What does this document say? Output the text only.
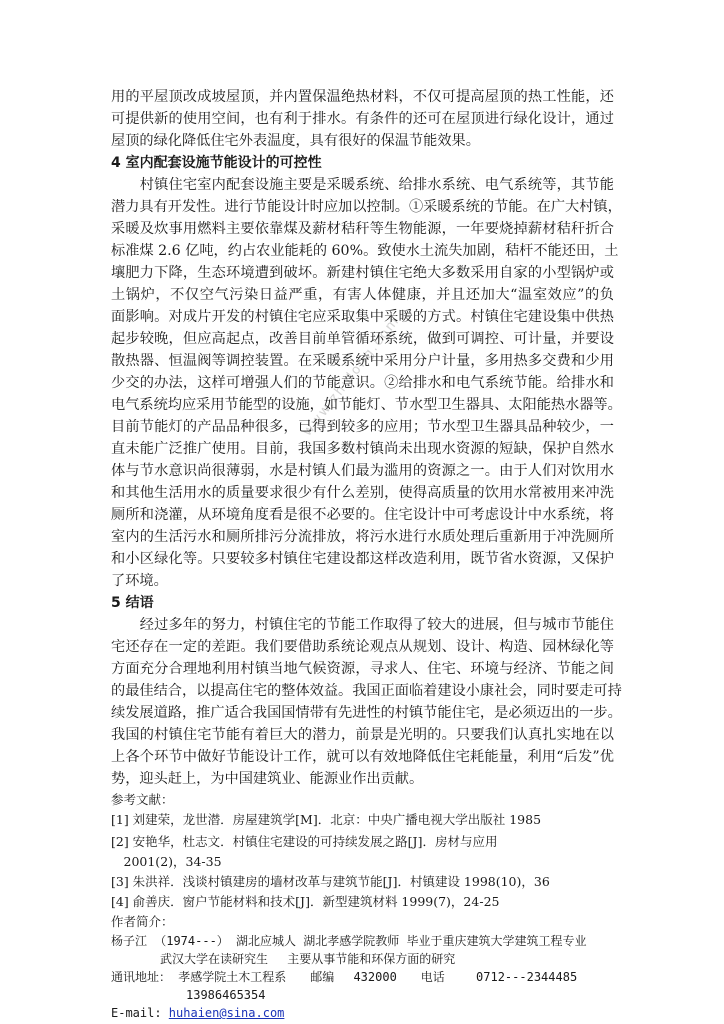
www.zhulong.com
用的平屋顶改成坡屋顶，并内置保温绝热材料，不仅可提高屋顶的热工性能，还
可提供新的使用空间，也有利于排水。有条件的还可在屋顶进行绿化设计，通过
屋顶的绿化降低住宅外表温度，具有很好的保温节能效果。
4 室内配套设施节能设计的可控性
　　村镇住宅室内配套设施主要是采暖系统、给排水系统、电气系统等，其节能
潜力具有开发性。进行节能设计时应加以控制。①采暖系统的节能。在广大村镇，
采暖及炊事用燃料主要依靠煤及薪材秸秆等生物能源，一年要烧掉薪材秸秆折合
标准煤 2.6 亿吨，约占农业能耗的 60%。致使水土流失加剧，秸杆不能还田，土
壤肥力下降，生态环境遭到破坏。新建村镇住宅绝大多数采用自家的小型锅炉或
土锅炉，不仅空气污染日益严重，有害人体健康，并且还加大“温室效应”的负
面影响。对成片开发的村镇住宅应采取集中采暖的方式。村镇住宅建设集中供热
起步较晚，但应高起点，改善目前单管循环系统，做到可调控、可计量，并要设
散热器、恒温阀等调控装置。在采暖系统中采用分户计量，多用热多交费和少用
少交的办法，这样可增强人们的节能意识。②给排水和电气系统节能。给排水和
电气系统均应采用节能型的设施，如节能灯、节水型卫生器具、太阳能热水器等。
目前节能灯的产品品种很多，已得到较多的应用；节水型卫生器具品种较少，一
直未能广泛推广使用。目前，我国多数村镇尚未出现水资源的短缺，保护自然水
体与节水意识尚很薄弱，水是村镇人们最为滥用的资源之一。由于人们对饮用水
和其他生活用水的质量要求很少有什么差别，使得高质量的饮用水常被用来冲洗
厕所和浇灌，从环境角度看是很不必要的。住宅设计中可考虑设计中水系统，将
室内的生活污水和厕所排污分流排放，将污水进行水质处理后重新用于冲洗厕所
和小区绿化等。只要较多村镇住宅建设都这样改造利用，既节省水资源，又保护
了环境。
5 结语
　　经过多年的努力，村镇住宅的节能工作取得了较大的进展，但与城市节能住
宅还存在一定的差距。我们要借助系统论观点从规划、设计、构造、园林绿化等
方面充分合理地利用村镇当地气候资源，寻求人、住宅、环境与经济、节能之间
的最佳结合，以提高住宅的整体效益。我国正面临着建设小康社会，同时要走可持
续发展道路，推广适合我国国情带有先进性的村镇节能住宅，是必须迈出的一步。
我国的村镇住宅节能有着巨大的潜力，前景是光明的。只要我们认真扎实地在以
上各个环节中做好节能设计工作，就可以有效地降低住宅耗能量，利用“后发”优
势，迎头赶上，为中国建筑业、能源业作出贡献。
参考文献：
[1] 刘建荣，龙世潜．房屋建筑学[M]．北京：中央广播电视大学出版社 1985
[2] 安艳华，杜志文．村镇住宅建设的可持续发展之路[J]．房材与应用
　2001(2)，34-35
[3] 朱洪祥．浅谈村镇建房的墙材改革与建筑节能[J]．村镇建设 1998(10)，36
[4] 俞善庆．窗户节能材料和技术[J]．新型建筑材料 1999(7)，24-25
作者简介：
杨子江 （1974---） 湖北应城人 湖北孝感学院教师 毕业于重庆建筑大学建筑工程专业
武汉大学在读研究生　 主要从事节能和环保方面的研究
通讯地址： 孝感学院土木工程系　　邮编　 432000　　电话　　 0712---2344485
13986465354
E-mail: huhaien@sina.com
